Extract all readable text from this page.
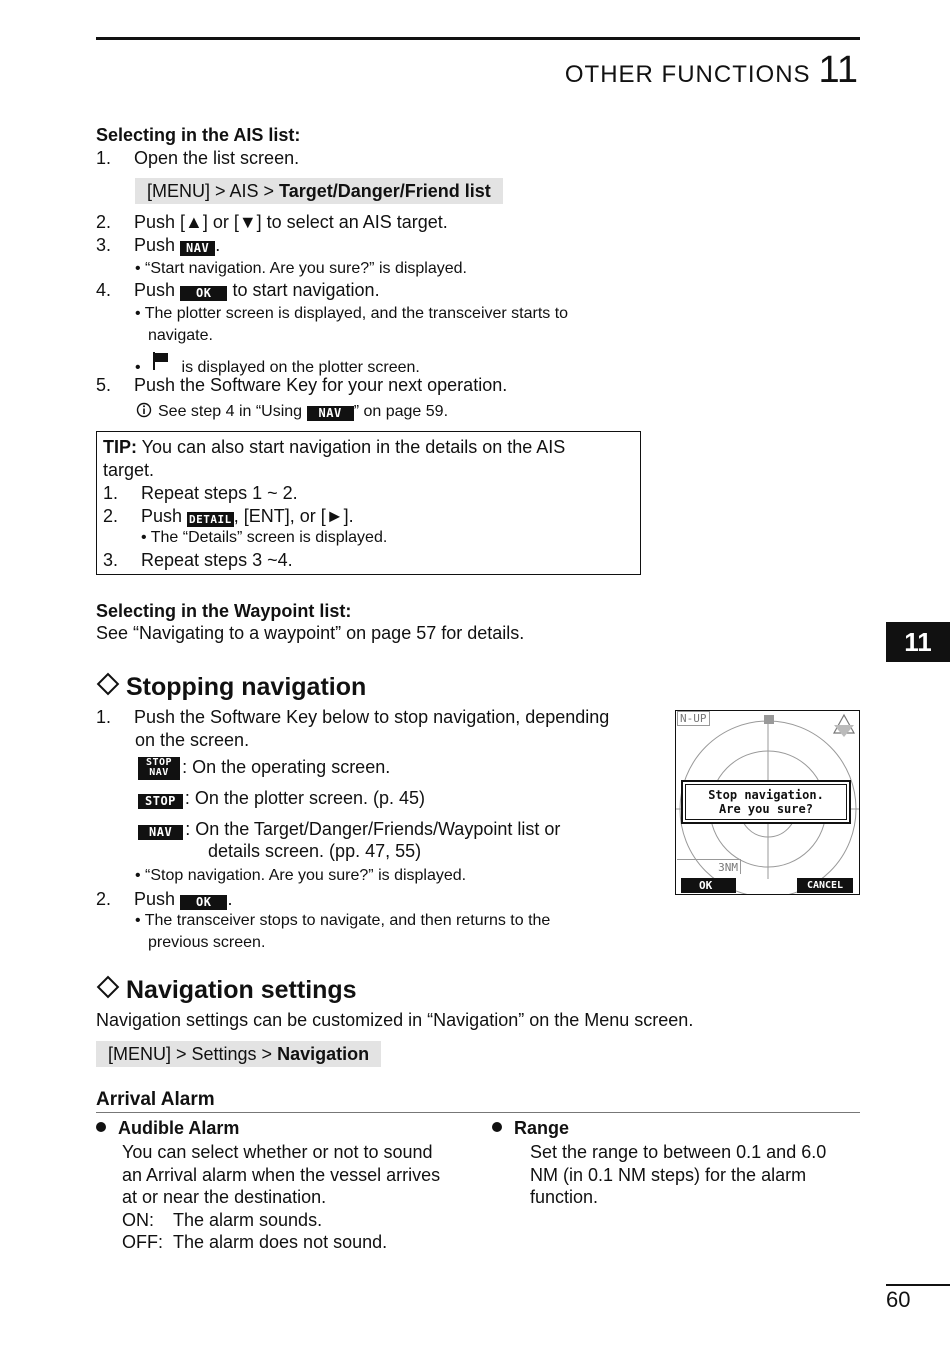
OTHER FUNCTIONS 11
Selecting in the AIS list:
1. Open the list screen.
[MENU] > AIS > Target/Danger/Friend list
2. Push [▲] or [▼] to select an AIS target.
3. Push NAV .
• “Start navigation. Are you sure?” is displayed.
4. Push OK to start navigation.
• The plotter screen is displayed, and the transceiver starts to
navigate.
•	is displayed on the plotter screen.
5. Push the Software Key for your next operation.
See step 4 in “Using NAV ” on page 59.
TIP: You can also start navigation in the details on the AIS
target.
1. Repeat steps 1 ~ 2.
2. Push DETAIL , [ENT], or [►].
• The “Details” screen is displayed.
3. Repeat steps 3 ~4.
Selecting in the Waypoint list:
See “Navigating to a waypoint” on page 57 for details.	11
Stopping navigation
1. Push the Software Key below to stop navigation, depending
on the screen.
STOP
NAV : On the operating screen.
STOP : On the plotter screen. (p. 45)
NAV : On the Target/Danger/Friends/Waypoint list or
details screen. (pp. 47, 55)
• “Stop navigation. Are you sure?” is displayed.
2. Push OK .
• The transceiver stops to navigate, and then returns to the
previous screen.
N-UP
Stop navigation.
Are you sure?
3NM
OK	CANCEL
Navigation settings
Navigation settings can be customized in “Navigation” on the Menu screen.
[MENU] > Settings > Navigation
Arrival Alarm
Audible Alarm
You can select whether or not to sound
an Arrival alarm when the vessel arrives
at or near the destination.
ON: The alarm sounds.
OFF: The alarm does not sound.
Range
Set the range to between 0.1 and 6.0
NM (in 0.1 NM steps) for the alarm
function.
60
